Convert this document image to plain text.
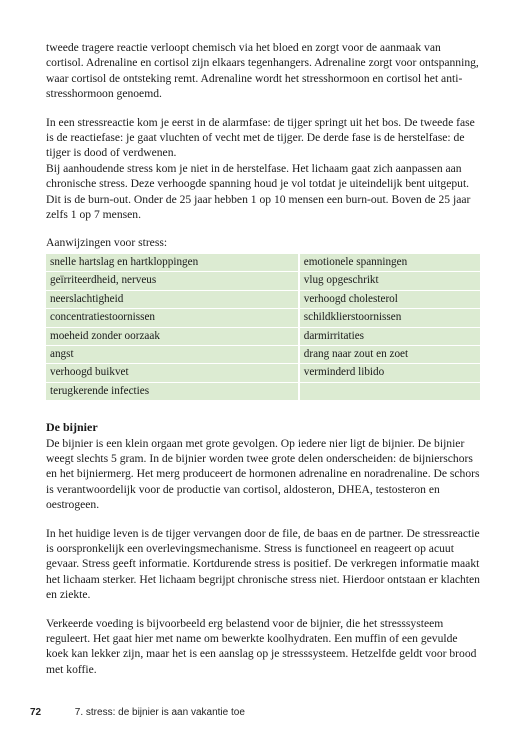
tweede tragere reactie verloopt chemisch via het bloed en zorgt voor de aanmaak van cortisol. Adrenaline en cortisol zijn elkaars tegenhangers. Adrenaline zorgt voor ontspanning, waar cortisol de ontsteking remt. Adrenaline wordt het stresshormoon en cortisol het anti-stresshormoon genoemd.

In een stressreactie kom je eerst in de alarmfase: de tijger springt uit het bos. De tweede fase is de reactiefase: je gaat vluchten of vecht met de tijger. De derde fase is de herstelfase: de tijger is dood of verdwenen.

Bij aanhoudende stress kom je niet in de herstelfase. Het lichaam gaat zich aanpassen aan chronische stress. Deze verhoogde spanning houd je vol totdat je uiteindelijk bent uitgeput. Dit is de burn-out. Onder de 25 jaar hebben 1 op 10 mensen een burn-out. Boven de 25 jaar zelfs 1 op 7 mensen.

Aanwijzingen voor stress:
snelle hartslag en hartkloppingen	emotionele spanningen
geïrriteerdheid, nerveus	vlug opgeschrikt
neerslachtigheid	verhoogd cholesterol
concentratiestoornissen	schildklierstoornissen
moeheid zonder oorzaak	darmirritaties
angst	drang naar zout en zoet
verhoogd buikvet	verminderd libido
terugkerende infecties	
De bijnier

De bijnier is een klein orgaan met grote gevolgen. Op iedere nier ligt de bijnier. De bijnier weegt slechts 5 gram. In de bijnier worden twee grote delen onderscheiden: de bijnierschors en het bijniermerg. Het merg produceert de hormonen adrenaline en noradrenaline. De schors is verantwoordelijk voor de productie van cortisol, aldosteron, DHEA, testosteron en oestrogeen.

In het huidige leven is de tijger vervangen door de file, de baas en de partner. De stressreactie is oorspronkelijk een overlevingsmechanisme. Stress is functioneel en reageert op acuut gevaar. Stress geeft informatie. Kortdurende stress is positief. De verkregen informatie maakt het lichaam sterker. Het lichaam begrijpt chronische stress niet. Hierdoor ontstaan er klachten en ziekte.

Verkeerde voeding is bijvoorbeeld erg belastend voor de bijnier, die het stresssysteem reguleert. Het gaat hier met name om bewerkte koolhydraten. Een muffin of een gevulde koek kan lekker zijn, maar het is een aanslag op je stresssysteem. Hetzelfde geldt voor brood met koffie.

72	7. stress: de bijnier is aan vakantie toe
